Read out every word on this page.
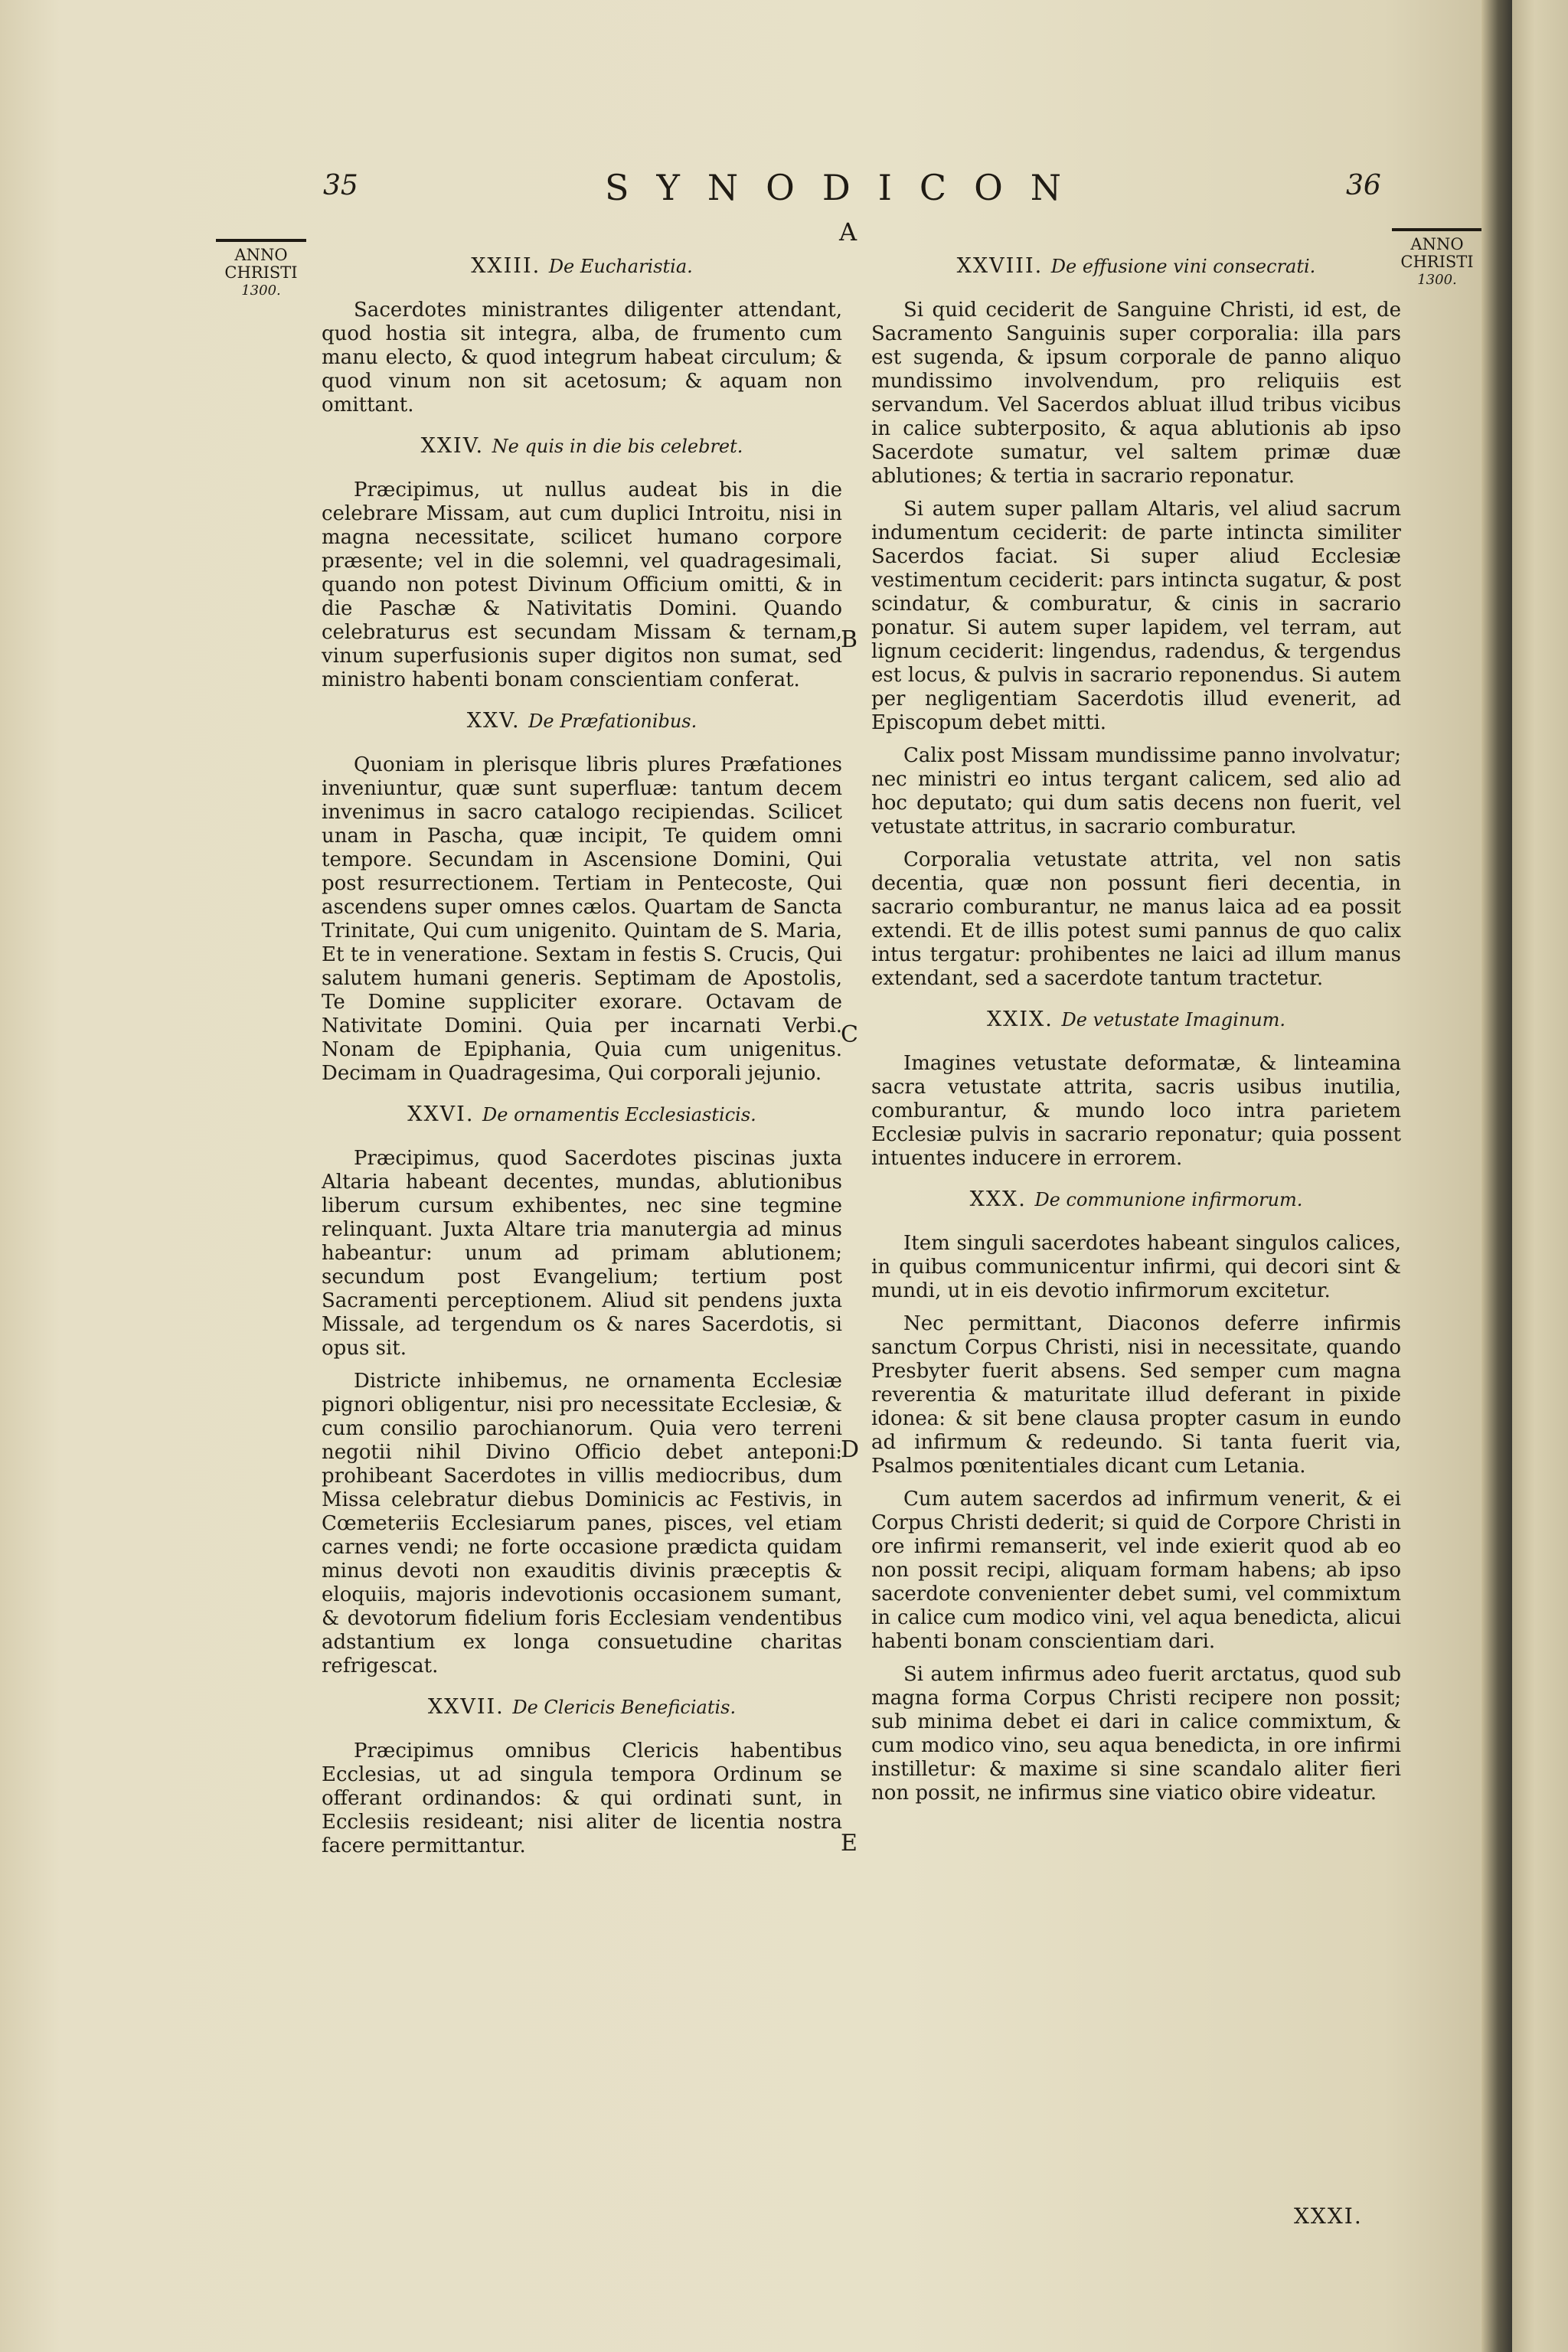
35	SYNODICON
A
36
ANNO
CHRISTI
1300.
ANNO
CHRISTI
1300.
XXIII. De Eucharistia.

Sacerdotes ministrantes diligenter attendant, quod hostia sit integra, alba, de frumento cum manu electo, & quod integrum habeat circulum; & quod vinum non sit acetosum; & aquam non omittant.

XXIV. Ne quis in die bis celebret.

Præcipimus, ut nullus audeat bis in die celebrare Missam, aut cum duplici Introitu, nisi in magna necessitate, scilicet humano corpore præsente; vel in die solemni, vel quadragesimali, quando non potest Divinum Officium omitti, & in die Paschæ & Nativitatis Domini. Quando celebraturus est secundam Missam & ternam, vinum superfusionis super digitos non sumat, sed ministro habenti bonam conscientiam conferat.

XXV. De Præfationibus.

Quoniam in plerisque libris plures Præfationes inveniuntur, quæ sunt superfluæ: tantum decem invenimus in sacro catalogo recipiendas. Scilicet unam in Pascha, quæ incipit, Te quidem omni tempore. Secundam in Ascensione Domini, Qui post resurrectionem. Tertiam in Pentecoste, Qui ascendens super omnes cælos. Quartam de Sancta Trinitate, Qui cum unigenito. Quintam de S. Maria, Et te in veneratione. Sextam in festis S. Crucis, Qui salutem humani generis. Septimam de Apostolis, Te Domine suppliciter exorare. Octavam de Nativitate Domini. Quia per incarnati Verbi. Nonam de Epiphania, Quia cum unigenitus. Decimam in Quadragesima, Qui corporali jejunio.

XXVI. De ornamentis Ecclesiasticis.

Præcipimus, quod Sacerdotes piscinas juxta Altaria habeant decentes, mundas, ablutionibus liberum cursum exhibentes, nec sine tegmine relinquant. Juxta Altare tria manutergia ad minus habeantur: unum ad primam ablutionem; secundum post Evangelium; tertium post Sacramenti perceptionem. Aliud sit pendens juxta Missale, ad tergendum os & nares Sacerdotis, si opus sit.

Districte inhibemus, ne ornamenta Ecclesiæ pignori obligentur, nisi pro necessitate Ecclesiæ, & cum consilio parochianorum. Quia vero terreni negotii nihil Divino Officio debet anteponi: prohibeant Sacerdotes in villis mediocribus, dum Missa celebratur diebus Dominicis ac Festivis, in Cœmeteriis Ecclesiarum panes, pisces, vel etiam carnes vendi; ne forte occasione prædicta quidam minus devoti non exauditis divinis præceptis & eloquiis, majoris indevotionis occasionem sumant, & devotorum fidelium foris Ecclesiam vendentibus adstantium ex longa consuetudine charitas refrigescat.

XXVII. De Clericis Beneficiatis.

Præcipimus omnibus Clericis habentibus Ecclesias, ut ad singula tempora Ordinum se offerant ordinandos: & qui ordinati sunt, in Ecclesiis resideant; nisi aliter de licentia nostra facere permittantur.

XXVIII. De effusione vini consecrati.

Si quid ceciderit de Sanguine Christi, id est, de Sacramento Sanguinis super corporalia: illa pars est sugenda, & ipsum corporale de panno aliquo mundissimo involvendum, pro reliquiis est servandum. Vel Sacerdos abluat illud tribus vicibus in calice subterposito, & aqua ablutionis ab ipso Sacerdote sumatur, vel saltem primæ duæ ablutiones; & tertia in sacrario reponatur.

Si autem super pallam Altaris, vel aliud sacrum indumentum ceciderit: de parte intincta similiter Sacerdos faciat. Si super aliud Ecclesiæ vestimentum ceciderit: pars intincta sugatur, & post scindatur, & comburatur, & cinis in sacrario ponatur. Si autem super lapidem, vel terram, aut lignum ceciderit: lingendus, radendus, & tergendus est locus, & pulvis in sacrario reponendus. Si autem per negligentiam Sacerdotis illud evenerit, ad Episcopum debet mitti.

Calix post Missam mundissime panno involvatur; nec ministri eo intus tergant calicem, sed alio ad hoc deputato; qui dum satis decens non fuerit, vel vetustate attritus, in sacrario comburatur.

Corporalia vetustate attrita, vel non satis decentia, quæ non possunt fieri decentia, in sacrario comburantur, ne manus laica ad ea possit extendi. Et de illis potest sumi pannus de quo calix intus tergatur: prohibentes ne laici ad illum manus extendant, sed a sacerdote tantum tractetur.

XXIX. De vetustate Imaginum.

Imagines vetustate deformatæ, & linteamina sacra vetustate attrita, sacris usibus inutilia, comburantur, & mundo loco intra parietem Ecclesiæ pulvis in sacrario reponatur; quia possent intuentes inducere in errorem.

XXX. De communione infirmorum.

Item singuli sacerdotes habeant singulos calices, in quibus communicentur infirmi, qui decori sint & mundi, ut in eis devotio infirmorum excitetur.

Nec permittant, Diaconos deferre infirmis sanctum Corpus Christi, nisi in necessitate, quando Presbyter fuerit absens. Sed semper cum magna reverentia & maturitate illud deferant in pixide idonea: & sit bene clausa propter casum in eundo ad infirmum & redeundo. Si tanta fuerit via, Psalmos pœnitentiales dicant cum Letania.

Cum autem sacerdos ad infirmum venerit, & ei Corpus Christi dederit; si quid de Corpore Christi in ore infirmi remanserit, vel inde exierit quod ab eo non possit recipi, aliquam formam habens; ab ipso sacerdote convenienter debet sumi, vel commixtum in calice cum modico vini, vel aqua benedicta, alicui habenti bonam conscientiam dari.

Si autem infirmus adeo fuerit arctatus, quod sub magna forma Corpus Christi recipere non possit; sub minima debet ei dari in calice commixtum, & cum modico vino, seu aqua benedicta, in ore infirmi instilletur: & maxime si sine scandalo aliter fieri non possit, ne infirmus sine viatico obire videatur.

B
C
D
E
XXXI.
